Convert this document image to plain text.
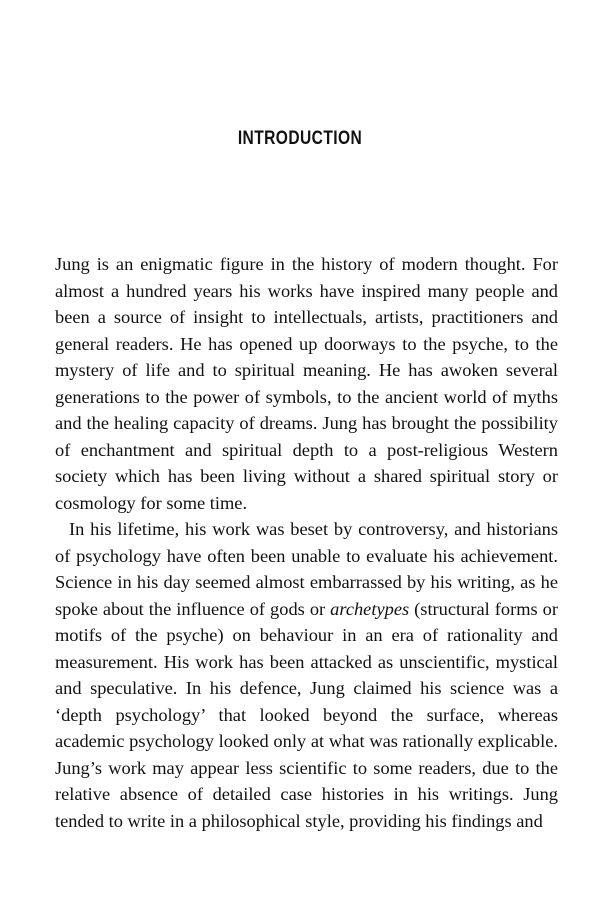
INTRODUCTION

Jung is an enigmatic figure in the history of modern thought. For almost a hundred years his works have inspired many people and been a source of insight to intellectuals, artists, practitioners and general readers. He has opened up doorways to the psyche, to the mystery of life and to spiritual meaning. He has awoken several generations to the power of symbols, to the ancient world of myths and the healing capacity of dreams. Jung has brought the possibility of enchantment and spiritual depth to a post-religious Western society which has been living without a shared spiritual story or cosmology for some time.

In his lifetime, his work was beset by controversy, and historians of psychology have often been unable to evaluate his achievement. Science in his day seemed almost embarrassed by his writing, as he spoke about the influence of gods or archetypes (structural forms or motifs of the psyche) on behaviour in an era of rationality and measurement. His work has been attacked as unscientific, mystical and speculative. In his defence, Jung claimed his science was a ‘depth psychology’ that looked beyond the surface, whereas academic psychology looked only at what was rationally explicable. Jung’s work may appear less scientific to some readers, due to the relative absence of detailed case histories in his writings. Jung tended to write in a philosophical style, providing his findings and
